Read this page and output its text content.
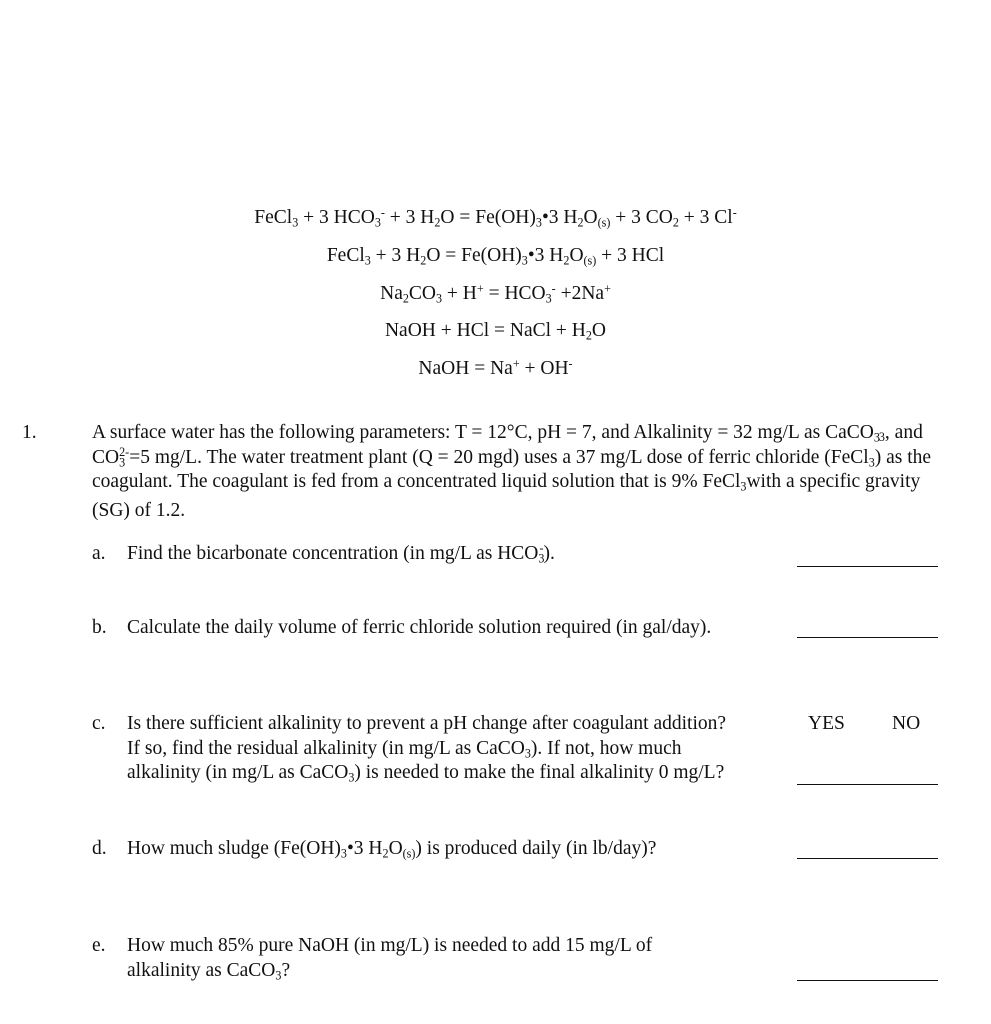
FeCl$_3$ + 3 $HCO_3^- + 3$ $H_2O$ = $Fe(OH)_3•3$ $H_2O_{(s)} + 3$ $CO_2 + 3$ Cl-
FeCl$_3$ + 3 $H_2O$ = $Fe(OH)_3•3$ $H_2O_{(s)} + 3$ HCl
$Na_2CO_3 + H^+ = HCO_3^- +2Na^+$
NaOH + HCl = NaCl + $H_2O$
NaOH = Na+ + OH-
1.	A surface water has the following parameters: T = 12°C, pH = 7, and Alkalinity = 32 mg/L as CaCO$_{33}$, and $CO_3^{2-}=5$ mg/L. The water treatment plant (Q = 20 mgd) uses a 37 mg/L dose of ferric chloride (FeCl$_3$) as the coagulant. The coagulant is fed from a concentrated liquid solution that is 9% FeCl3with a specific gravity (SG) of 1.2.
a. Find the bicarbonate concentration (in mg/L as $HCO_3^-$).
b. Calculate the daily volume of ferric chloride solution required (in gal/day).
c. Is there sufficient alkalinity to prevent a pH change after coagulant addition?
If so, find the residual alkalinity (in mg/L as CaCO$_3$). If not, how much
alkalinity (in mg/L as CaCO$_3$) is needed to make the final alkalinity 0 mg/L?
YES NO
d. How much sludge ($Fe(OH)_3•3$ $H_2O_{(s)}$) is produced daily (in lb/day)?
e. How much 85% pure NaOH (in mg/L) is needed to add 15 mg/L of
alkalinity as CaCO$_3$?
